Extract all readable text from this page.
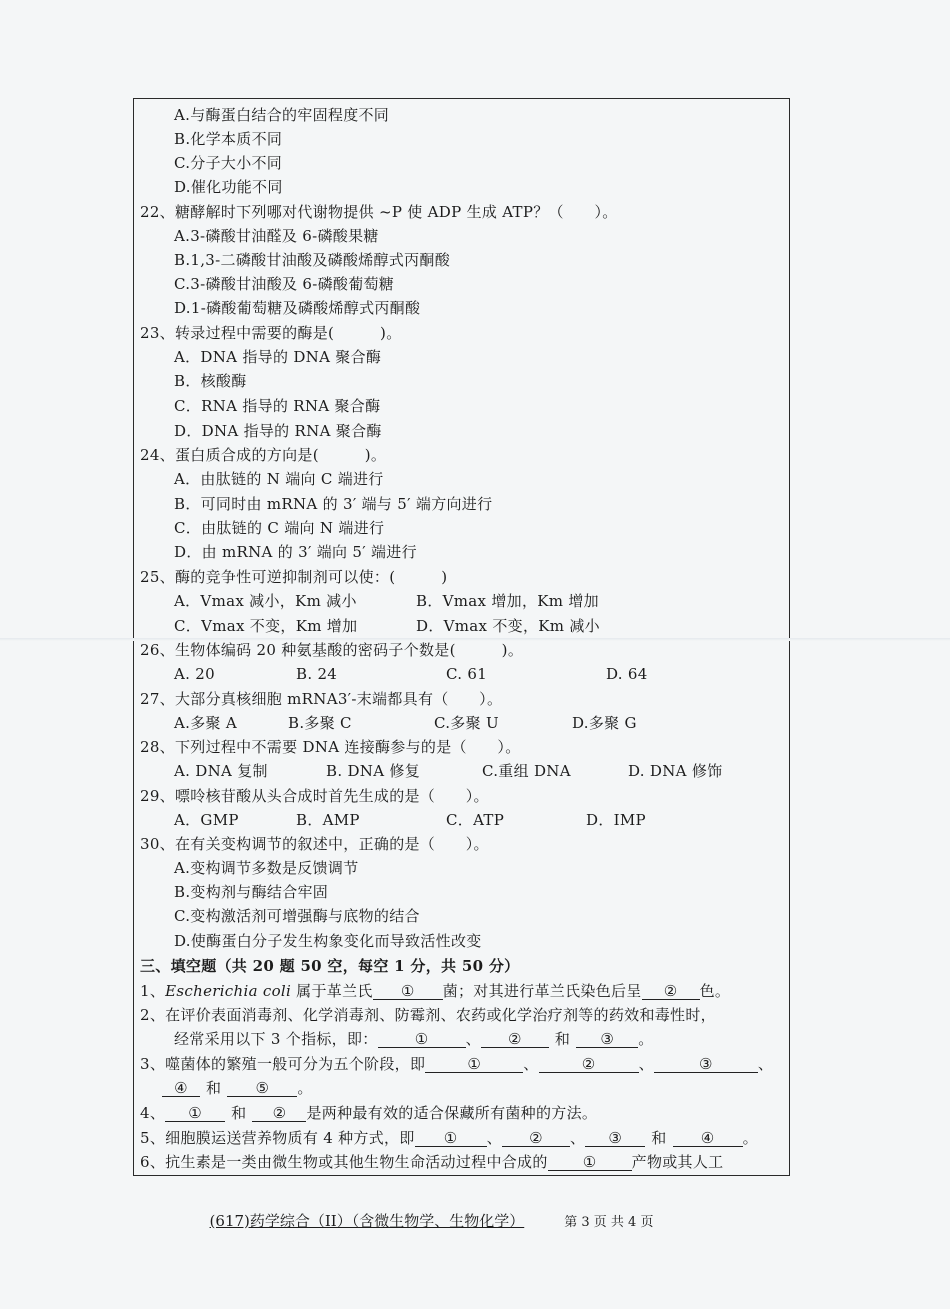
A.与酶蛋白结合的牢固程度不同
B.化学本质不同
C.分子大小不同
D.催化功能不同
22、糖酵解时下列哪对代谢物提供 ~P 使 ADP 生成 ATP？（　　）。
A.3-磷酸甘油醛及 6-磷酸果糖
B.1,3-二磷酸甘油酸及磷酸烯醇式丙酮酸
C.3-磷酸甘油酸及 6-磷酸葡萄糖
D.1-磷酸葡萄糖及磷酸烯醇式丙酮酸
23、转录过程中需要的酶是(　　　)。
A．DNA 指导的 DNA 聚合酶
B．核酸酶
C．RNA 指导的 RNA 聚合酶
D．DNA 指导的 RNA 聚合酶
24、蛋白质合成的方向是(　　　)。
A．由肽链的 N 端向 C 端进行
B．可同时由 mRNA 的 3′ 端与 5′ 端方向进行
C．由肽链的 C 端向 N 端进行
D．由 mRNA 的 3′ 端向 5′ 端进行
25、酶的竞争性可逆抑制剂可以使：(　　　)

A．Vmax 减小，Km 减小

	B．Vmax 增加，Km 增加

C．Vmax 不变，Km 增加

	D．Vmax 不变，Km 减小

26、生物体编码 20 种氨基酸的密码子个数是(　　　)。

A. 20

	B. 24

	C. 61

	D. 64

27、大部分真核细胞 mRNA3′-末端都具有（　　）。

A.多聚 A

	B.多聚 C

	C.多聚 U

	D.多聚 G

28、下列过程中不需要 DNA 连接酶参与的是（　　）。

A. DNA 复制

	B. DNA 修复

	C.重组 DNA

	D. DNA 修饰

29、嘌呤核苷酸从头合成时首先生成的是（　　）。

A．GMP

	B．AMP

	C．ATP

	D．IMP

30、在有关变构调节的叙述中，正确的是（　　）。
A.变构调节多数是反馈调节
B.变构剂与酶结合牢固
C.变构激活剂可增强酶与底物的结合
D.使酶蛋白分子发生构象变化而导致活性改变
三、填空题（共 20 题 50 空，每空 1 分，共 50 分）
1、Escherichia coli 属于革兰氏 ① 菌；对其进行革兰氏染色后呈 ② 色。
2、在评价表面消毒剂、化学消毒剂、防霉剂、农药或化学治疗剂等的药效和毒性时，
经常采用以下 3 个指标，即： ① 、 ② 和 ③ 。
3、噬菌体的繁殖一般可分为五个阶段，即	①	、	②	、	③	、
④ 和 ⑤ 。
4、 ① 和 ② 是两种最有效的适合保藏所有菌种的方法。
5、细胞膜运送营养物质有 4 种方式，即 ① 、 ② 、 ③ 和 ④ 。
6、抗生素是一类由微生物或其他生物生命活动过程中合成的 ① 产物或其人工

(617)药学综合（II）（含微生物学、生物化学）	第 3 页 共 4 页
